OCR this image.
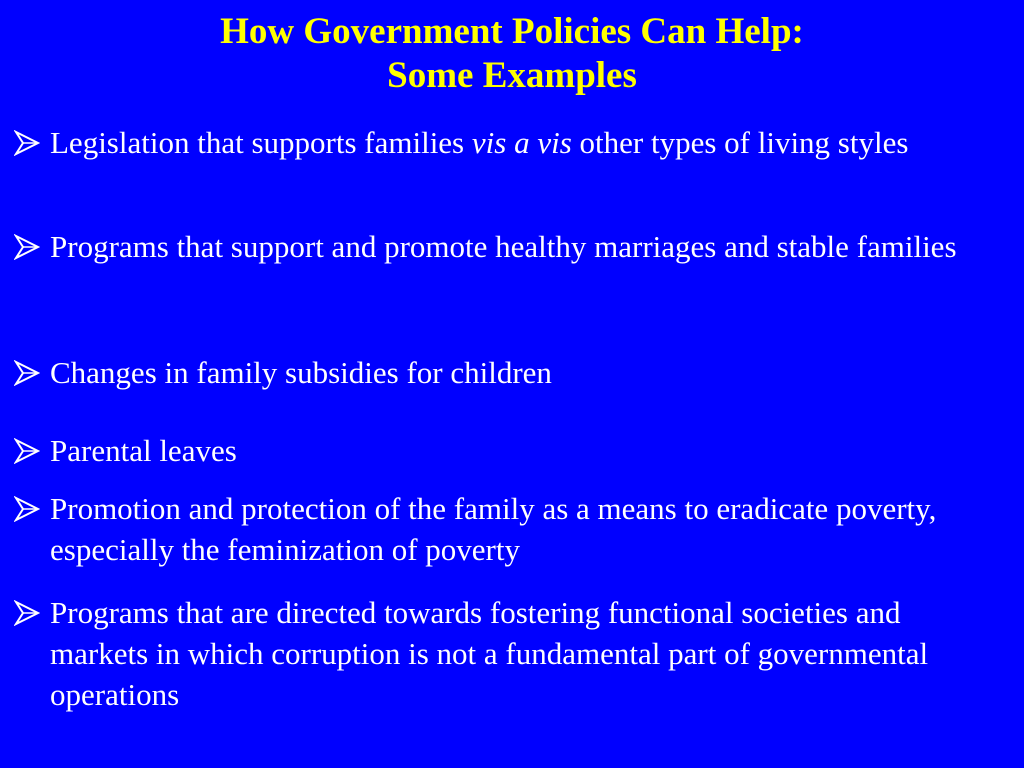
How Government Policies Can Help:
Some Examples
Legislation that supports families vis a vis other types of living styles
Programs that support and promote healthy marriages and stable families
Changes in family subsidies for children
Parental leaves
Promotion and protection of the family as a means to eradicate poverty, especially the feminization of poverty
Programs that are directed towards fostering functional societies and markets in which corruption is not a fundamental part of governmental operations
